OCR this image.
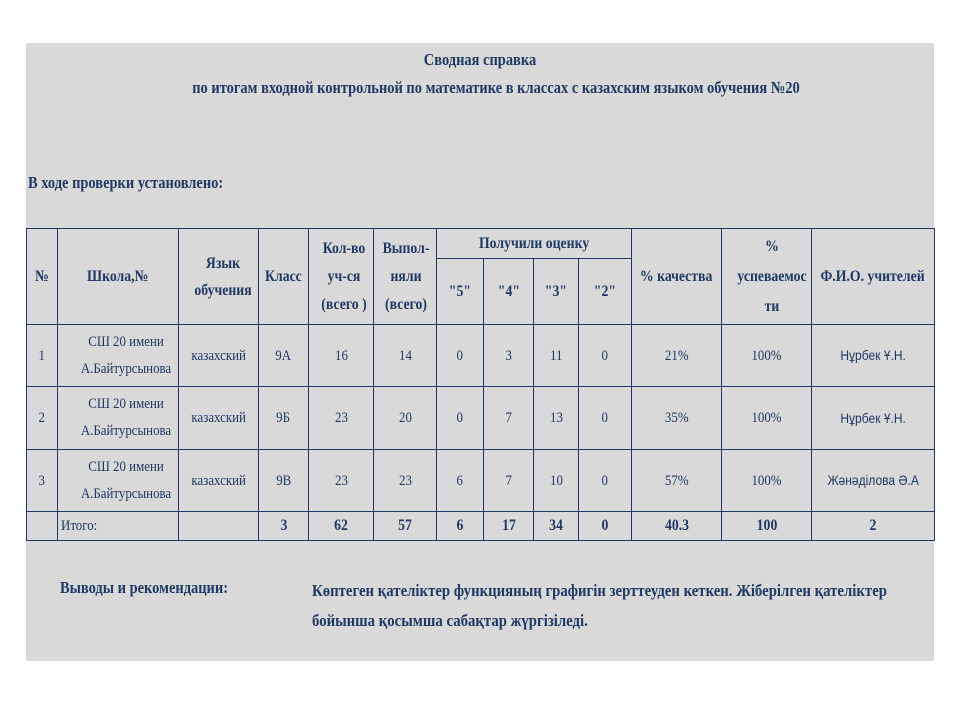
Сводная справка
по итогам входной контрольной по математике в классах с казахским языком обучения №20
В ходе проверки установлено:
№	Школа,№	Язык обучения	Класс	Кол-во уч-ся (всего )	Выпол-няли (всего)	Получили оценку				% качества	% успеваемос ти	Ф.И.О. учителей
						"5"	"4"	"3"	"2"			
1	СШ 20 имени А.Байтурсынова	казахский	9А	16	14	0	3	11	0	21%	100%	Нұрбек Ұ.Н.
2	СШ 20 имени А.Байтурсынова	казахский	9Б	23	20	0	7	13	0	35%	100%	Нұрбек Ұ.Н.
3	СШ 20 имени А.Байтурсынова	казахский	9В	23	23	6	7	10	0	57%	100%	Жәнәділова Ә.А
	Итого:		3	62	57	6	17	34	0	40.3	100	2
Выводы и рекомендации:	Көптеген қателіктер функцияның графигін зерттеуден кеткен. Жіберілген қателіктер бойынша қосымша сабақтар жүргізіледі.
